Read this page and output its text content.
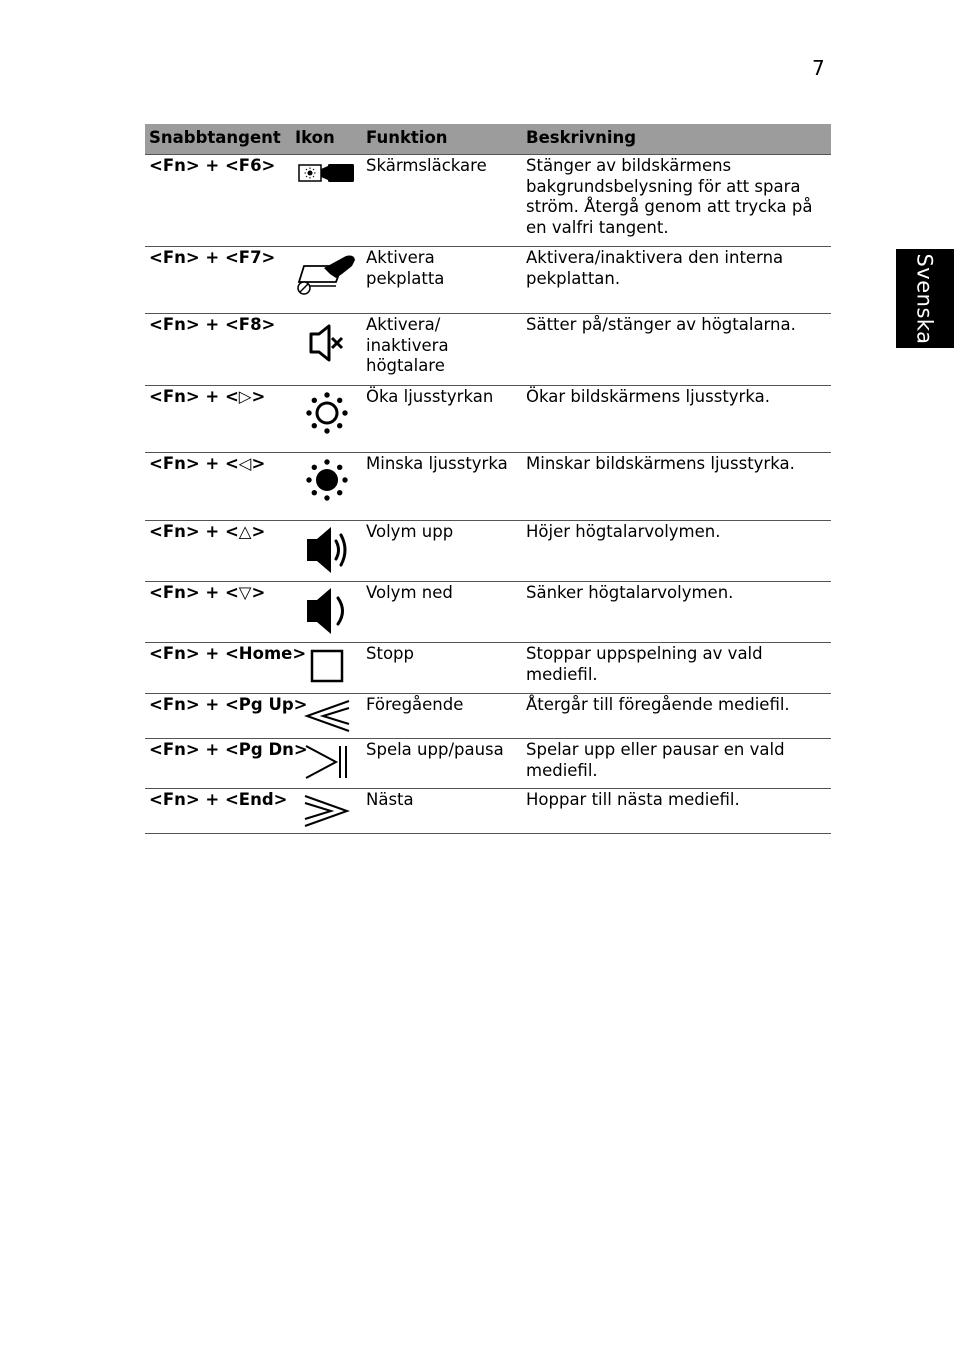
7
Svenska
Snabbtangent	Ikon	Funktion	Beskrivning
<Fn> + <F6>		Skärmsläckare	Stänger av bildskärmens bakgrundsbelysning för att spara ström. Återgå genom att trycka på en valfri tangent.
<Fn> + <F7>		Aktivera pekplatta	Aktivera/inaktivera den interna pekplattan.
<Fn> + <F8>		Aktivera/ inaktivera högtalare	Sätter på/stänger av högtalarna.
<Fn> + <▷>		Öka ljusstyrkan	Ökar bildskärmens ljusstyrka.
<Fn> + <◁>		Minska ljusstyrka	Minskar bildskärmens ljusstyrka.
<Fn> + <△>		Volym upp	Höjer högtalarvolymen.
<Fn> + <▽>		Volym ned	Sänker högtalarvolymen.
<Fn> + <Home>		Stopp	Stoppar uppspelning av vald mediefil.
<Fn> + <Pg Up>		Föregående	Återgår till föregående mediefil.
<Fn> + <Pg Dn>		Spela upp/pausa	Spelar upp eller pausar en vald mediefil.
<Fn> + <End>		Nästa	Hoppar till nästa mediefil.
